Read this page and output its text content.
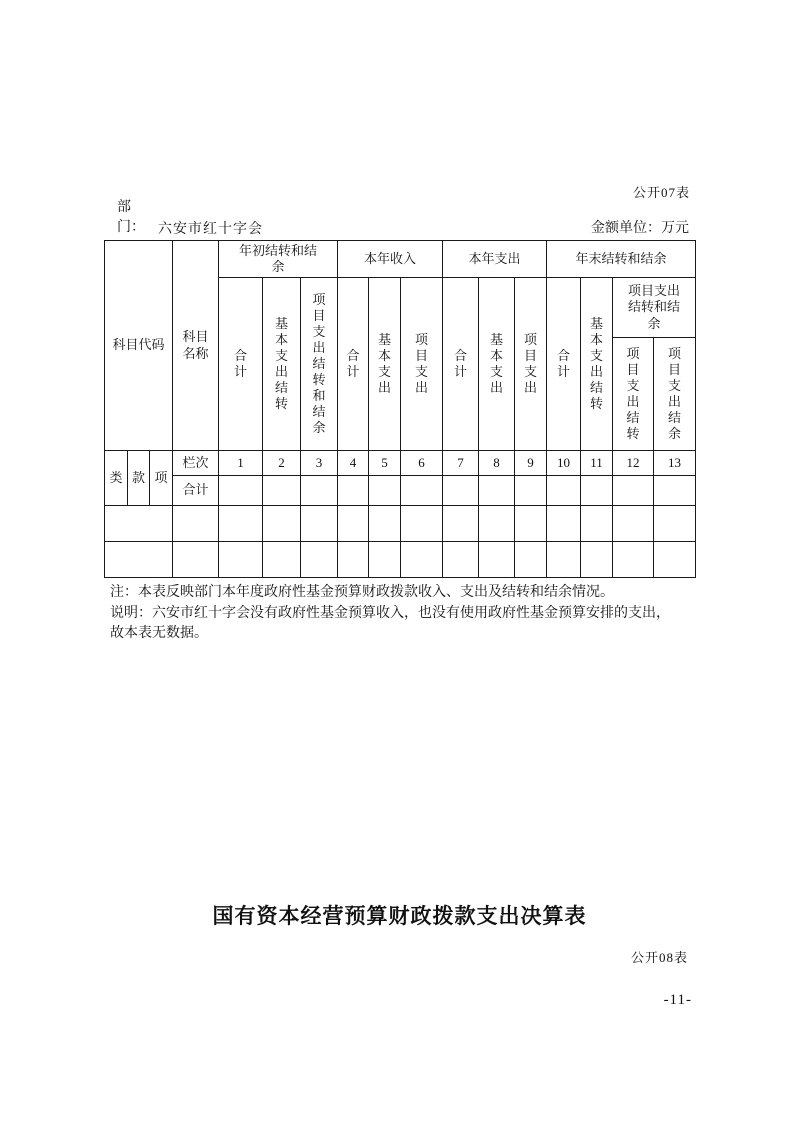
公开07表
部门： 六安市红十字会	金额单位：万元
科目代码			科目名称	年初结转和结余			本年收入			本年支出			年末结转和结余			

				合计	基本支出结转	项目支出结转和结余	合计	基本支出	项目支出	合计	基本支出	项目支出	合计	基本支出结转	项目支出结转和结余	

															项目支出结转	项目支出结余

类	款	项	栏次	1	2	3	4	5	6	7	8	9	10	11	12	13
			合计													

注：本表反映部门本年度政府性基金预算财政拨款收入、支出及结转和结余情况。

说明：六安市红十字会没有政府性基金预算收入，也没有使用政府性基金预算安排的支出，故本表无数据。

国有资本经营预算财政拨款支出决算表
公开08表
-11-
